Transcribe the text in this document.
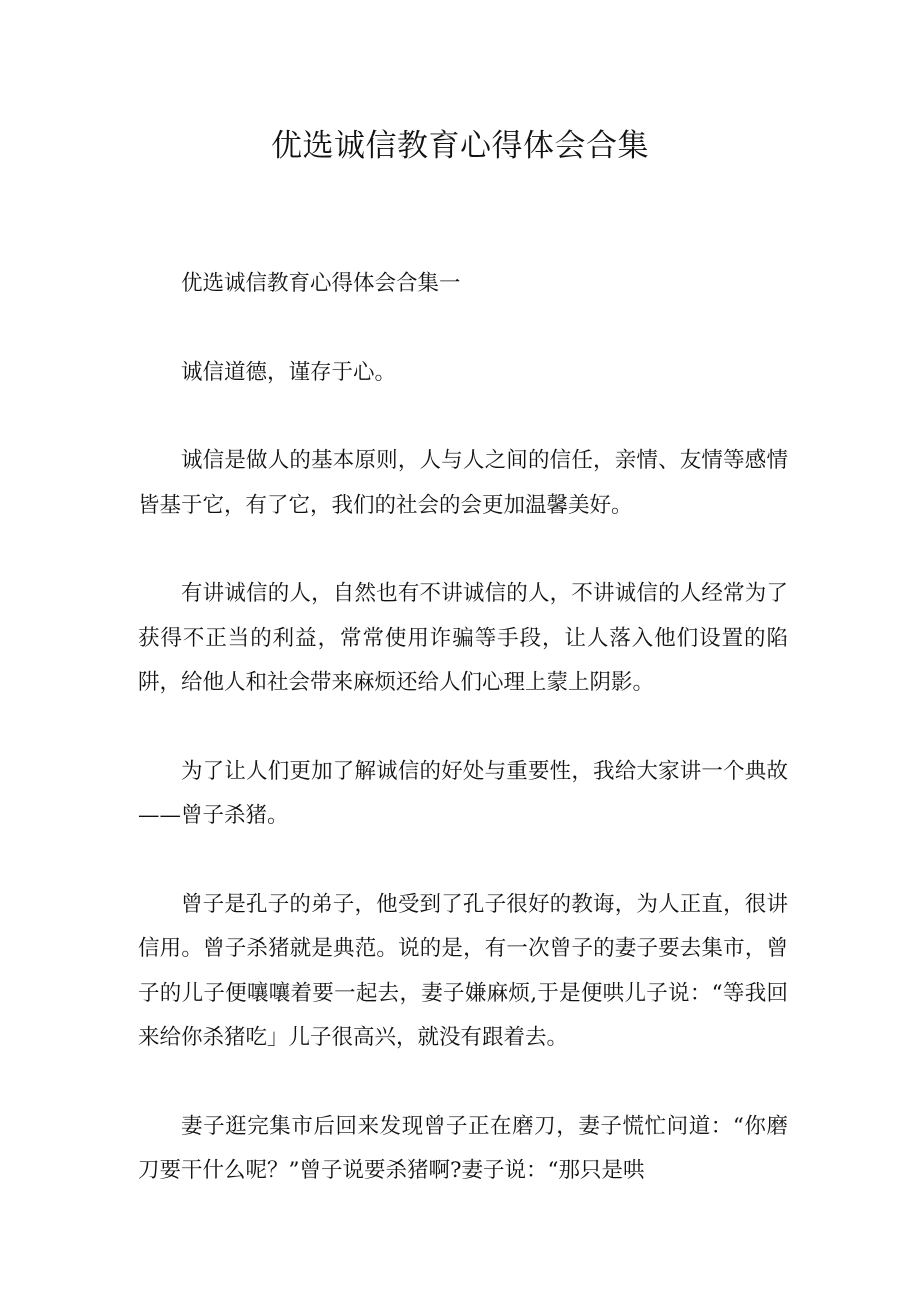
优选诚信教育心得体会合集

优选诚信教育心得体会合集一

诚信道德，谨存于心。

诚信是做人的基本原则，人与人之间的信任，亲情、友情等感情皆基于它，有了它，我们的社会的会更加温馨美好。

有讲诚信的人，自然也有不讲诚信的人，不讲诚信的人经常为了获得不正当的利益，常常使用诈骗等手段，让人落入他们设置的陷阱，给他人和社会带来麻烦还给人们心理上蒙上阴影。

为了让人们更加了解诚信的好处与重要性，我给大家讲一个典故——曾子杀猪。

曾子是孔子的弟子，他受到了孔子很好的教诲，为人正直，很讲信用。曾子杀猪就是典范。说的是，有一次曾子的妻子要去集市，曾子的儿子便嚷嚷着要一起去，妻子嫌麻烦,于是便哄儿子说：“等我回来给你杀猪吃」儿子很高兴，就没有跟着去。

妻子逛完集市后回来发现曾子正在磨刀，妻子慌忙问道：“你磨刀要干什么呢？”曾子说要杀猪啊?妻子说：“那只是哄
